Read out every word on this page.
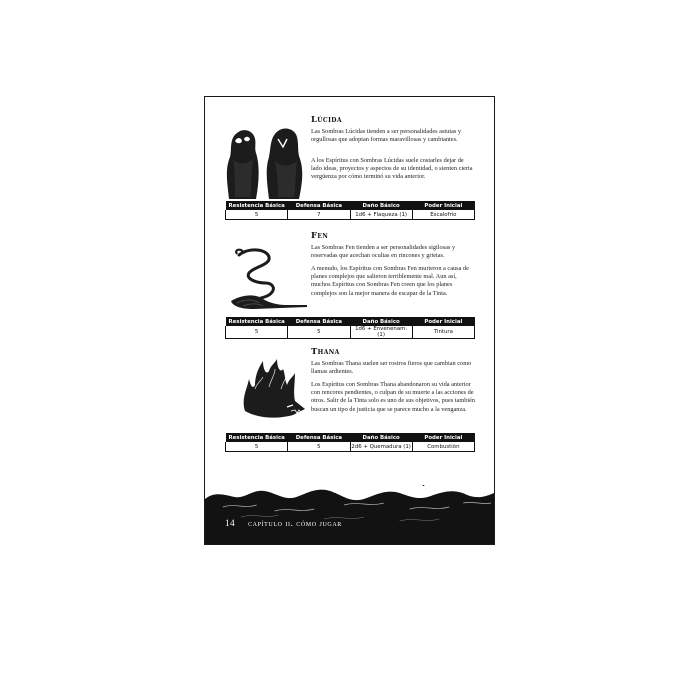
Lúcida

Las Sombras Lúcidas tienden a ser personalidades astutas y orgullosas que adoptan formas maravillosas y cambiantes.

A los Espíritus con Sombras Lúcidas suele costarles dejar de lado ideas, proyectos y aspectos de su identidad, o sienten cierta vergüenza por cómo terminó su vida anterior.

Resistencia Básica	Defensa Básica	Daño Básico	Poder Inicial
5	7	1d6 + Flaqueza (1)	Escalofrío
Fen

Las Sombras Fen tienden a ser personalidades sigilosas y reservadas que acechan ocultas en rincones y grietas.

A menudo, los Espíritus con Sombras Fen murieron a causa de planes complejos que salieron terriblemente mal. Aun así, muchos Espíritus con Sombras Fen creen que los planes complejos son la mejor manera de escapar de la Tinta.

Resistencia Básica	Defensa Básica	Daño Básico	Poder Inicial
5	5	1d6 + Envenenam. (1)	Tintura
Thana

Las Sombras Thana suelen ser rostros fieros que cambian como llamas ardientes.

Los Espíritus con Sombras Thana abandonaron su vida anterior con rencores pendientes, o culpan de su muerte a las acciones de otros. Salir de la Tinta solo es uno de sus objetivos, pues también buscan un tipo de justicia que se parece mucho a la venganza.

Resistencia Básica	Defensa Básica	Daño Básico	Poder Inicial
5	5	2d6 + Quemadura (1)	Combustión
14 capítulo ii. cómo jugar
